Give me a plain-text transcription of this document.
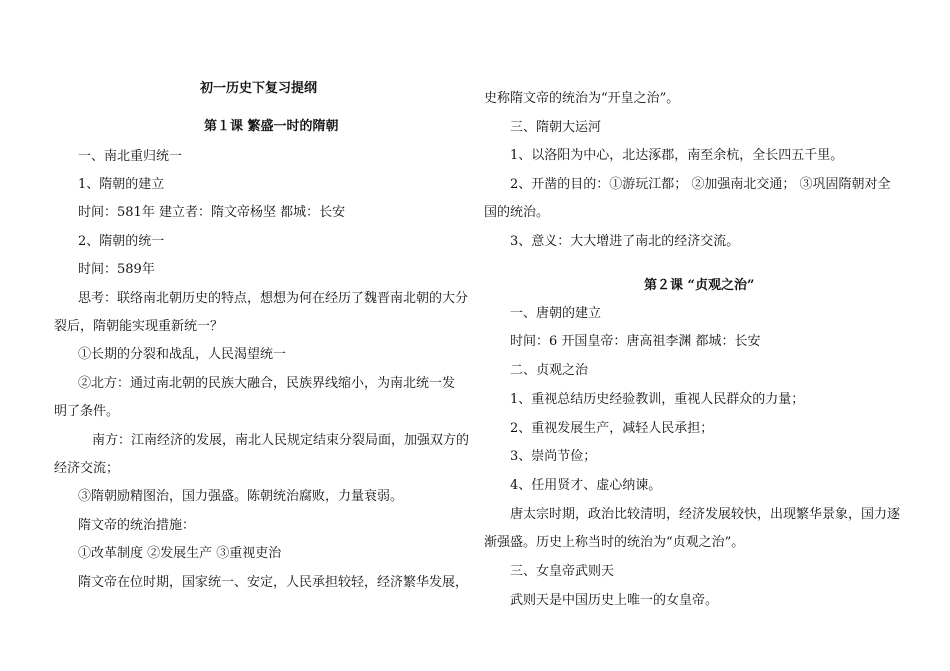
初一历史下复习提纲
第１课 繁盛一时的隋朝
一、南北重归统一
1、隋朝的建立
时间：581年 建立者：隋文帝杨坚 都城：长安
2、隋朝的统一
时间：589年
思考：联络南北朝历史的特点，想想为何在经历了魏晋南北朝的大分
裂后，隋朝能实现重新统一？
①长期的分裂和战乱，人民渴望统一
②北方：通过南北朝的民族大融合，民族界线缩小，为南北统一发
明了条件。
南方：江南经济的发展，南北人民规定结束分裂局面，加强双方的
经济交流；
③隋朝励精图治，国力强盛。陈朝统治腐败，力量衰弱。
隋文帝的统治措施：
①改革制度 ②发展生产 ③重视吏治
隋文帝在位时期，国家统一、安定，人民承担较轻，经济繁华发展，
史称隋文帝的统治为“开皇之治”。
三、隋朝大运河
1、以洛阳为中心，北达涿郡，南至余杭，全长四五千里。
2、开凿的目的：①游玩江都； ②加强南北交通； ③巩固隋朝对全
国的统治。
3、意义：大大增进了南北的经济交流。
第２课 “贞观之治”
一、唐朝的建立
时间：6 开国皇帝：唐高祖李渊 都城：长安
二、贞观之治
1、重视总结历史经验教训，重视人民群众的力量；
2、重视发展生产，减轻人民承担；
3、崇尚节俭；
4、任用贤才、虚心纳谏。
唐太宗时期，政治比较清明，经济发展较快，出现繁华景象，国力逐
渐强盛。历史上称当时的统治为“贞观之治”。
三、女皇帝武则天
武则天是中国历史上唯一的女皇帝。
